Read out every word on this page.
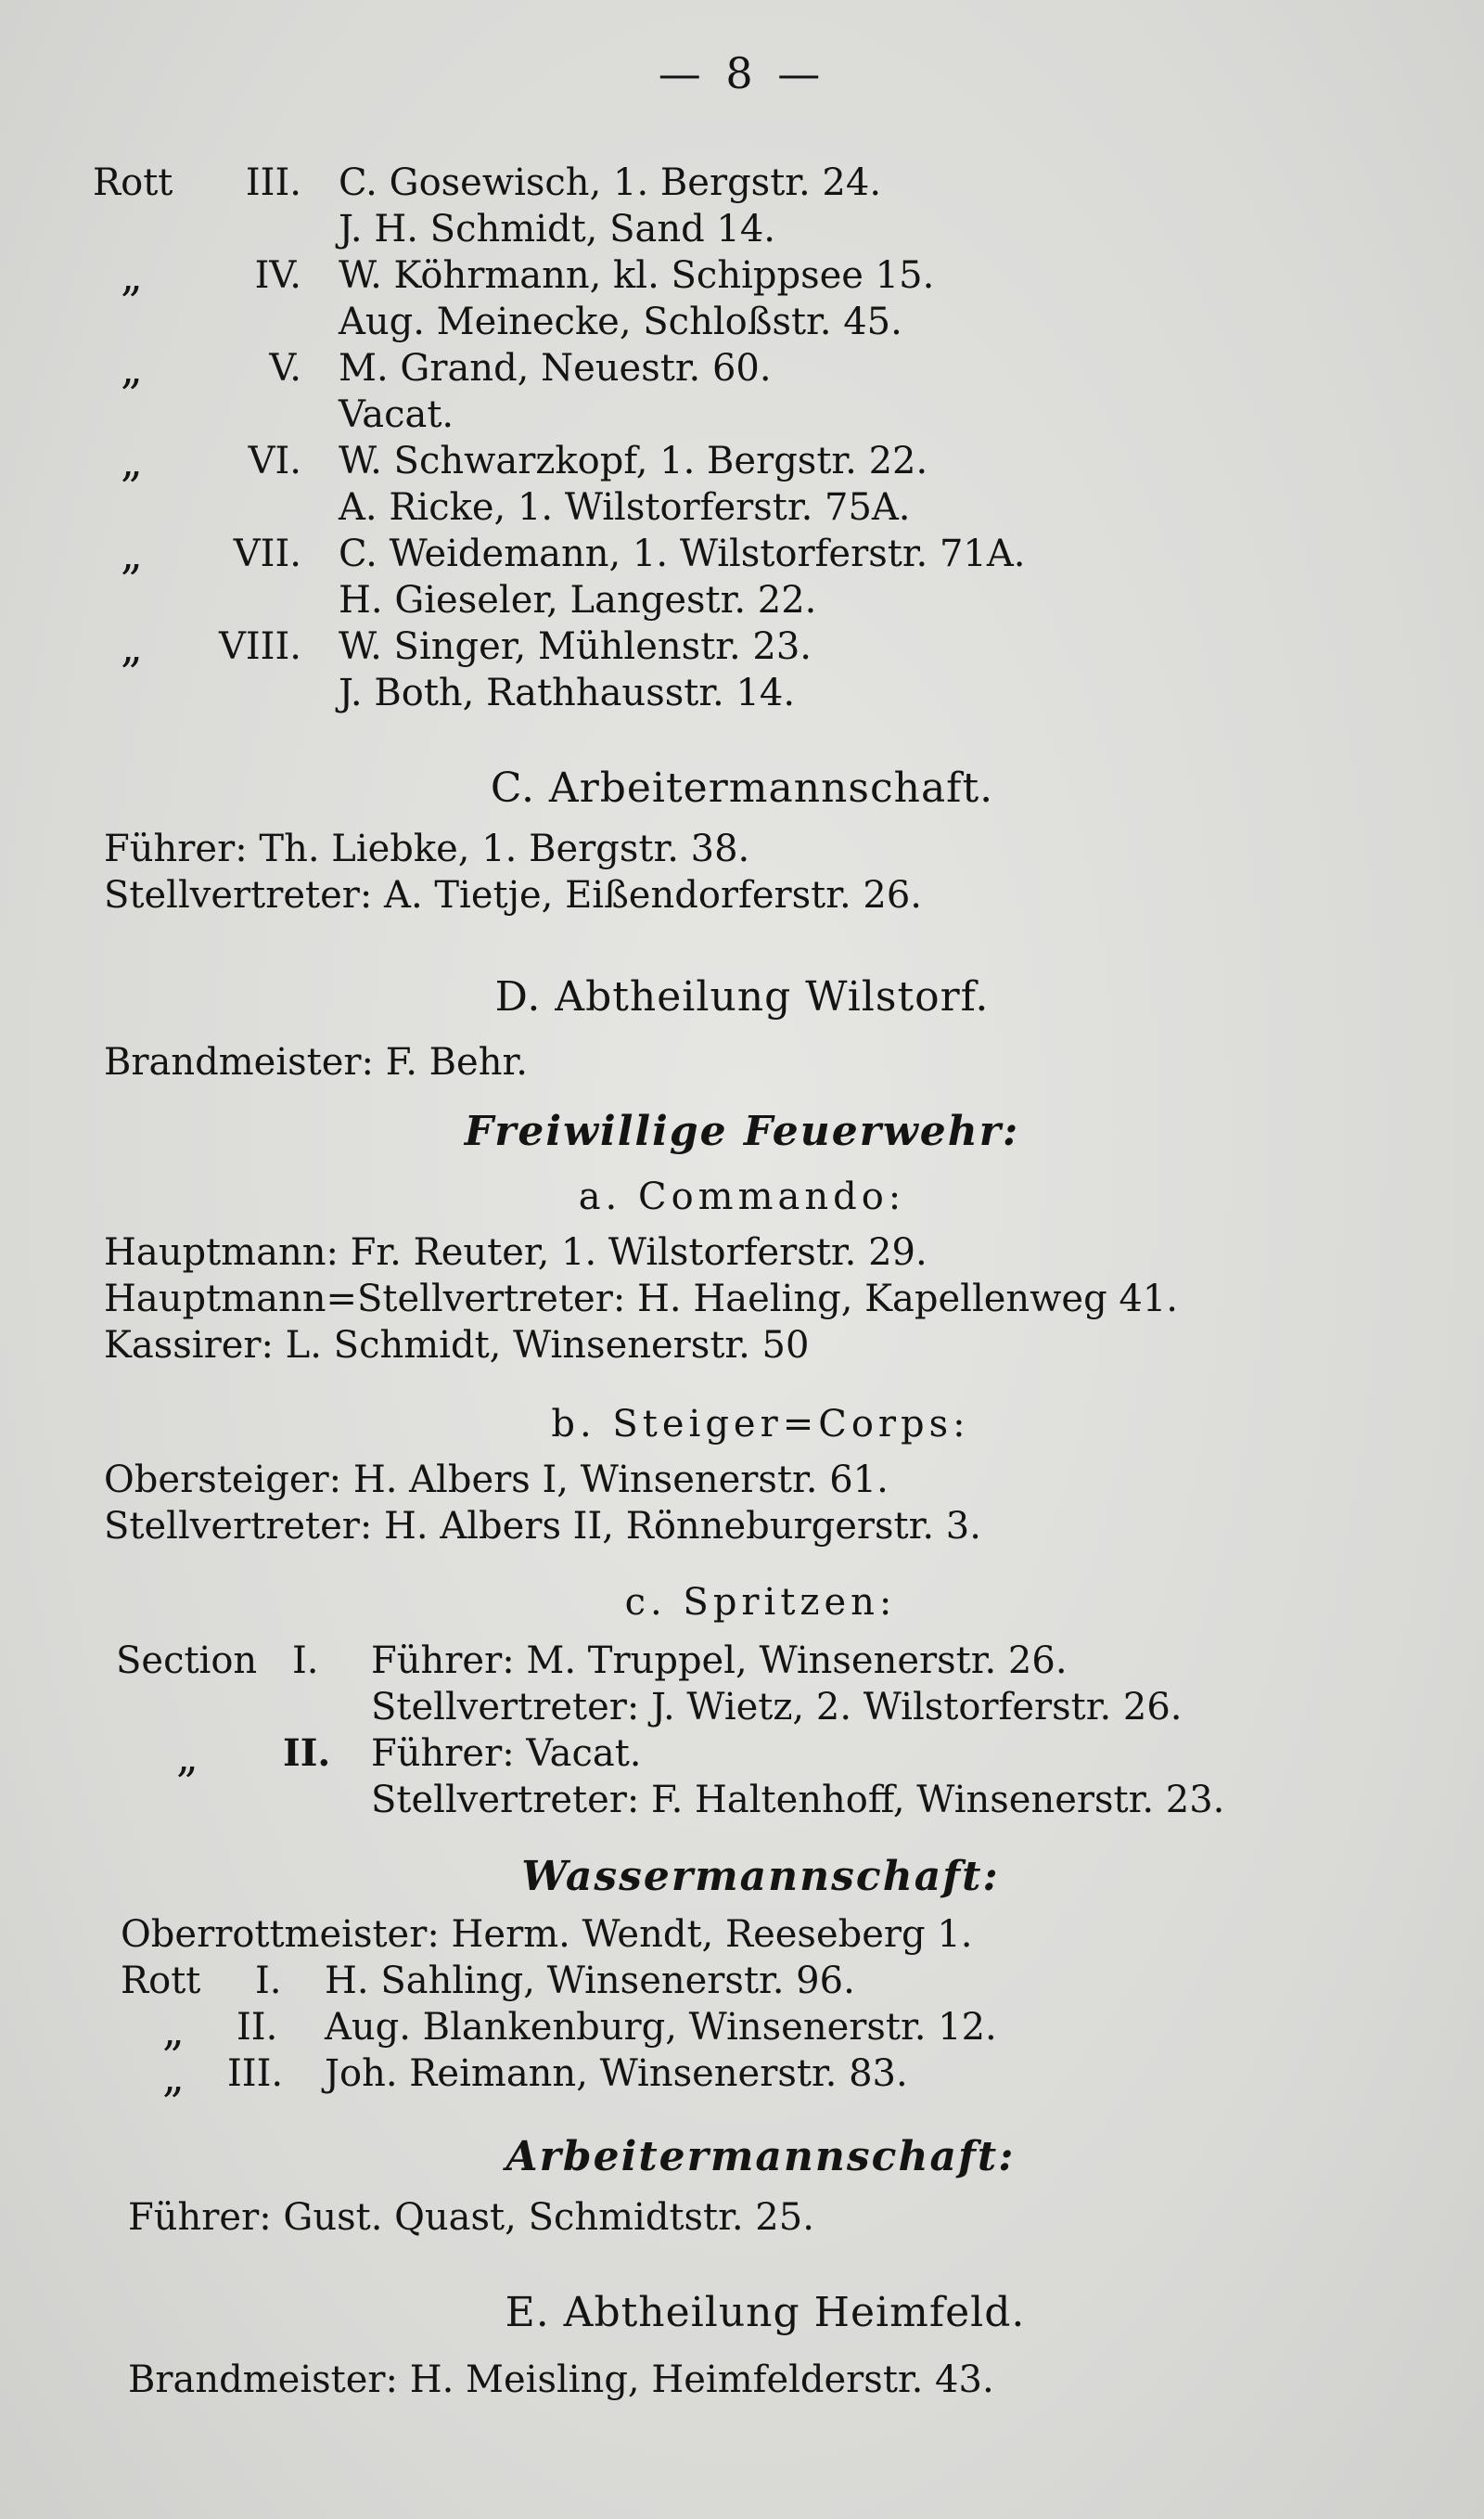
— 8 —
Rott	III. C. Gosewisch, 1. Bergstr. 24.
J. H. Schmidt, Sand 14.
„	IV. W. Köhrmann, kl. Schippsee 15.
Aug. Meinecke, Schloßstr. 45.
„	V. M. Grand, Neuestr. 60.
Vacat.
„	VI. W. Schwarzkopf, 1. Bergstr. 22.
A. Ricke, 1. Wilstorferstr. 75A.
„	VII. C. Weidemann, 1. Wilstorferstr. 71A.
H. Gieseler, Langestr. 22.
„	VIII. W. Singer, Mühlenstr. 23.
J. Both, Rathhausstr. 14.
C. Arbeitermannschaft.
Führer: Th. Liebke, 1. Bergstr. 38.
Stellvertreter: A. Tietje, Eißendorferstr. 26.
D. Abtheilung Wilstorf.
Brandmeister: F. Behr.
Freiwillige Feuerwehr:
a. Commando:
Hauptmann: Fr. Reuter, 1. Wilstorferstr. 29.
Hauptmann=Stellvertreter: H. Haeling, Kapellenweg 41.
Kassirer: L. Schmidt, Winsenerstr. 50
b. Steiger=Corps:
Obersteiger: H. Albers I, Winsenerstr. 61.
Stellvertreter: H. Albers II, Rönneburgerstr. 3.
c. Spritzen:
Section I. Führer: M. Truppel, Winsenerstr. 26.
Stellvertreter: J. Wietz, 2. Wilstorferstr. 26.
„ II. Führer: Vacat.
Stellvertreter: F. Haltenhoff, Winsenerstr. 23.
Wassermannschaft:
Oberrottmeister: Herm. Wendt, Reeseberg 1.
Rott I. H. Sahling, Winsenerstr. 96.
„ II. Aug. Blankenburg, Winsenerstr. 12.
„ III. Joh. Reimann, Winsenerstr. 83.
Arbeitermannschaft:
Führer: Gust. Quast, Schmidtstr. 25.
E. Abtheilung Heimfeld.
Brandmeister: H. Meisling, Heimfelderstr. 43.
